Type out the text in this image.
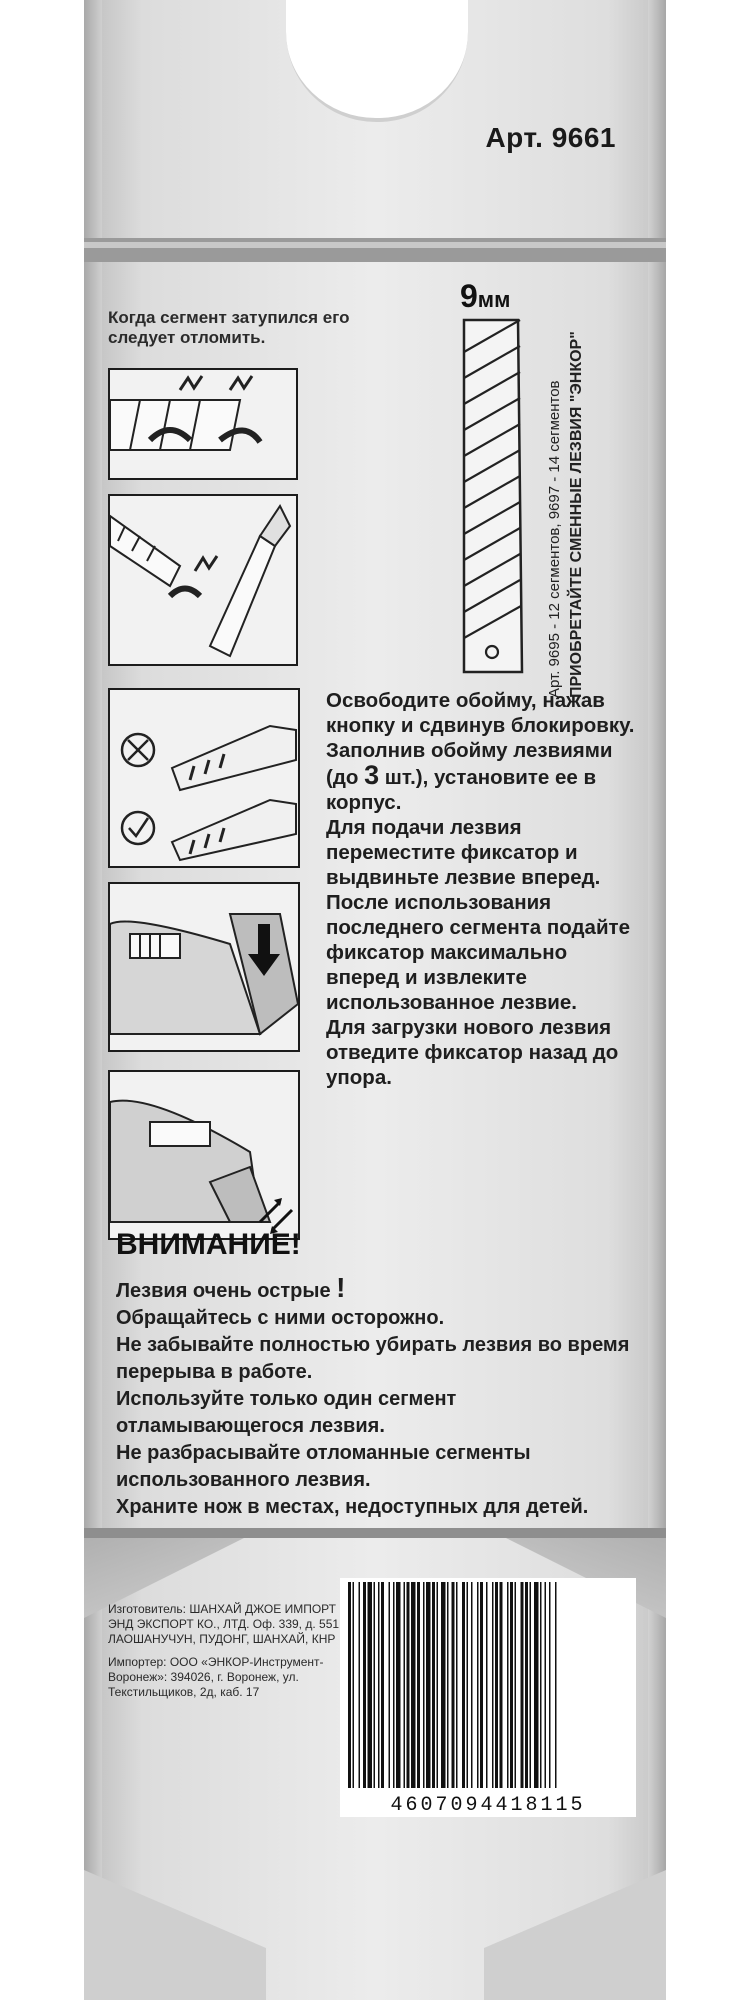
Арт. 9661
9мм
Арт. 9695 - 12 сегментов, 9697 - 14 сегментов ПРИОБРЕТАЙТЕ СМЕННЫЕ ЛЕЗВИЯ "ЭНКОР"
Когда сегмент затупился его следует отломить.

Освободите обойму, нажав кнопку и сдвинув блокировку.

Заполнив обойму лезвиями (до 3 шт.), установите ее в корпус.

Для подачи лезвия переместите фиксатор и выдвиньте лезвие вперед.

После использования последнего сегмента подайте фиксатор максимально вперед и извлеките использованное лезвие.

Для загрузки нового лезвия отведите фиксатор назад до упора.

ВНИМАНИЕ!

Лезвия очень острые !

Обращайтесь с ними осторожно.

Не забывайте полностью убирать лезвия во время перерыва в работе.

Используйте только один сегмент отламывающегося лезвия.

Не разбрасывайте отломанные сегменты использованного лезвия.

Храните нож в местах, недоступных для детей.

Изготовитель: ШАНХАЙ ДЖОЕ ИМПОРТ ЭНД ЭКСПОРТ КО., ЛТД. Оф. 339, д. 551 ЛАОШАНУЧУН, ПУДОНГ, ШАНХАЙ, КНР

Импортер: ООО «ЭНКОР-Инструмент-Воронеж»: 394026, г. Воронеж, ул. Текстильщиков, 2д, каб. 17

4607094418115
